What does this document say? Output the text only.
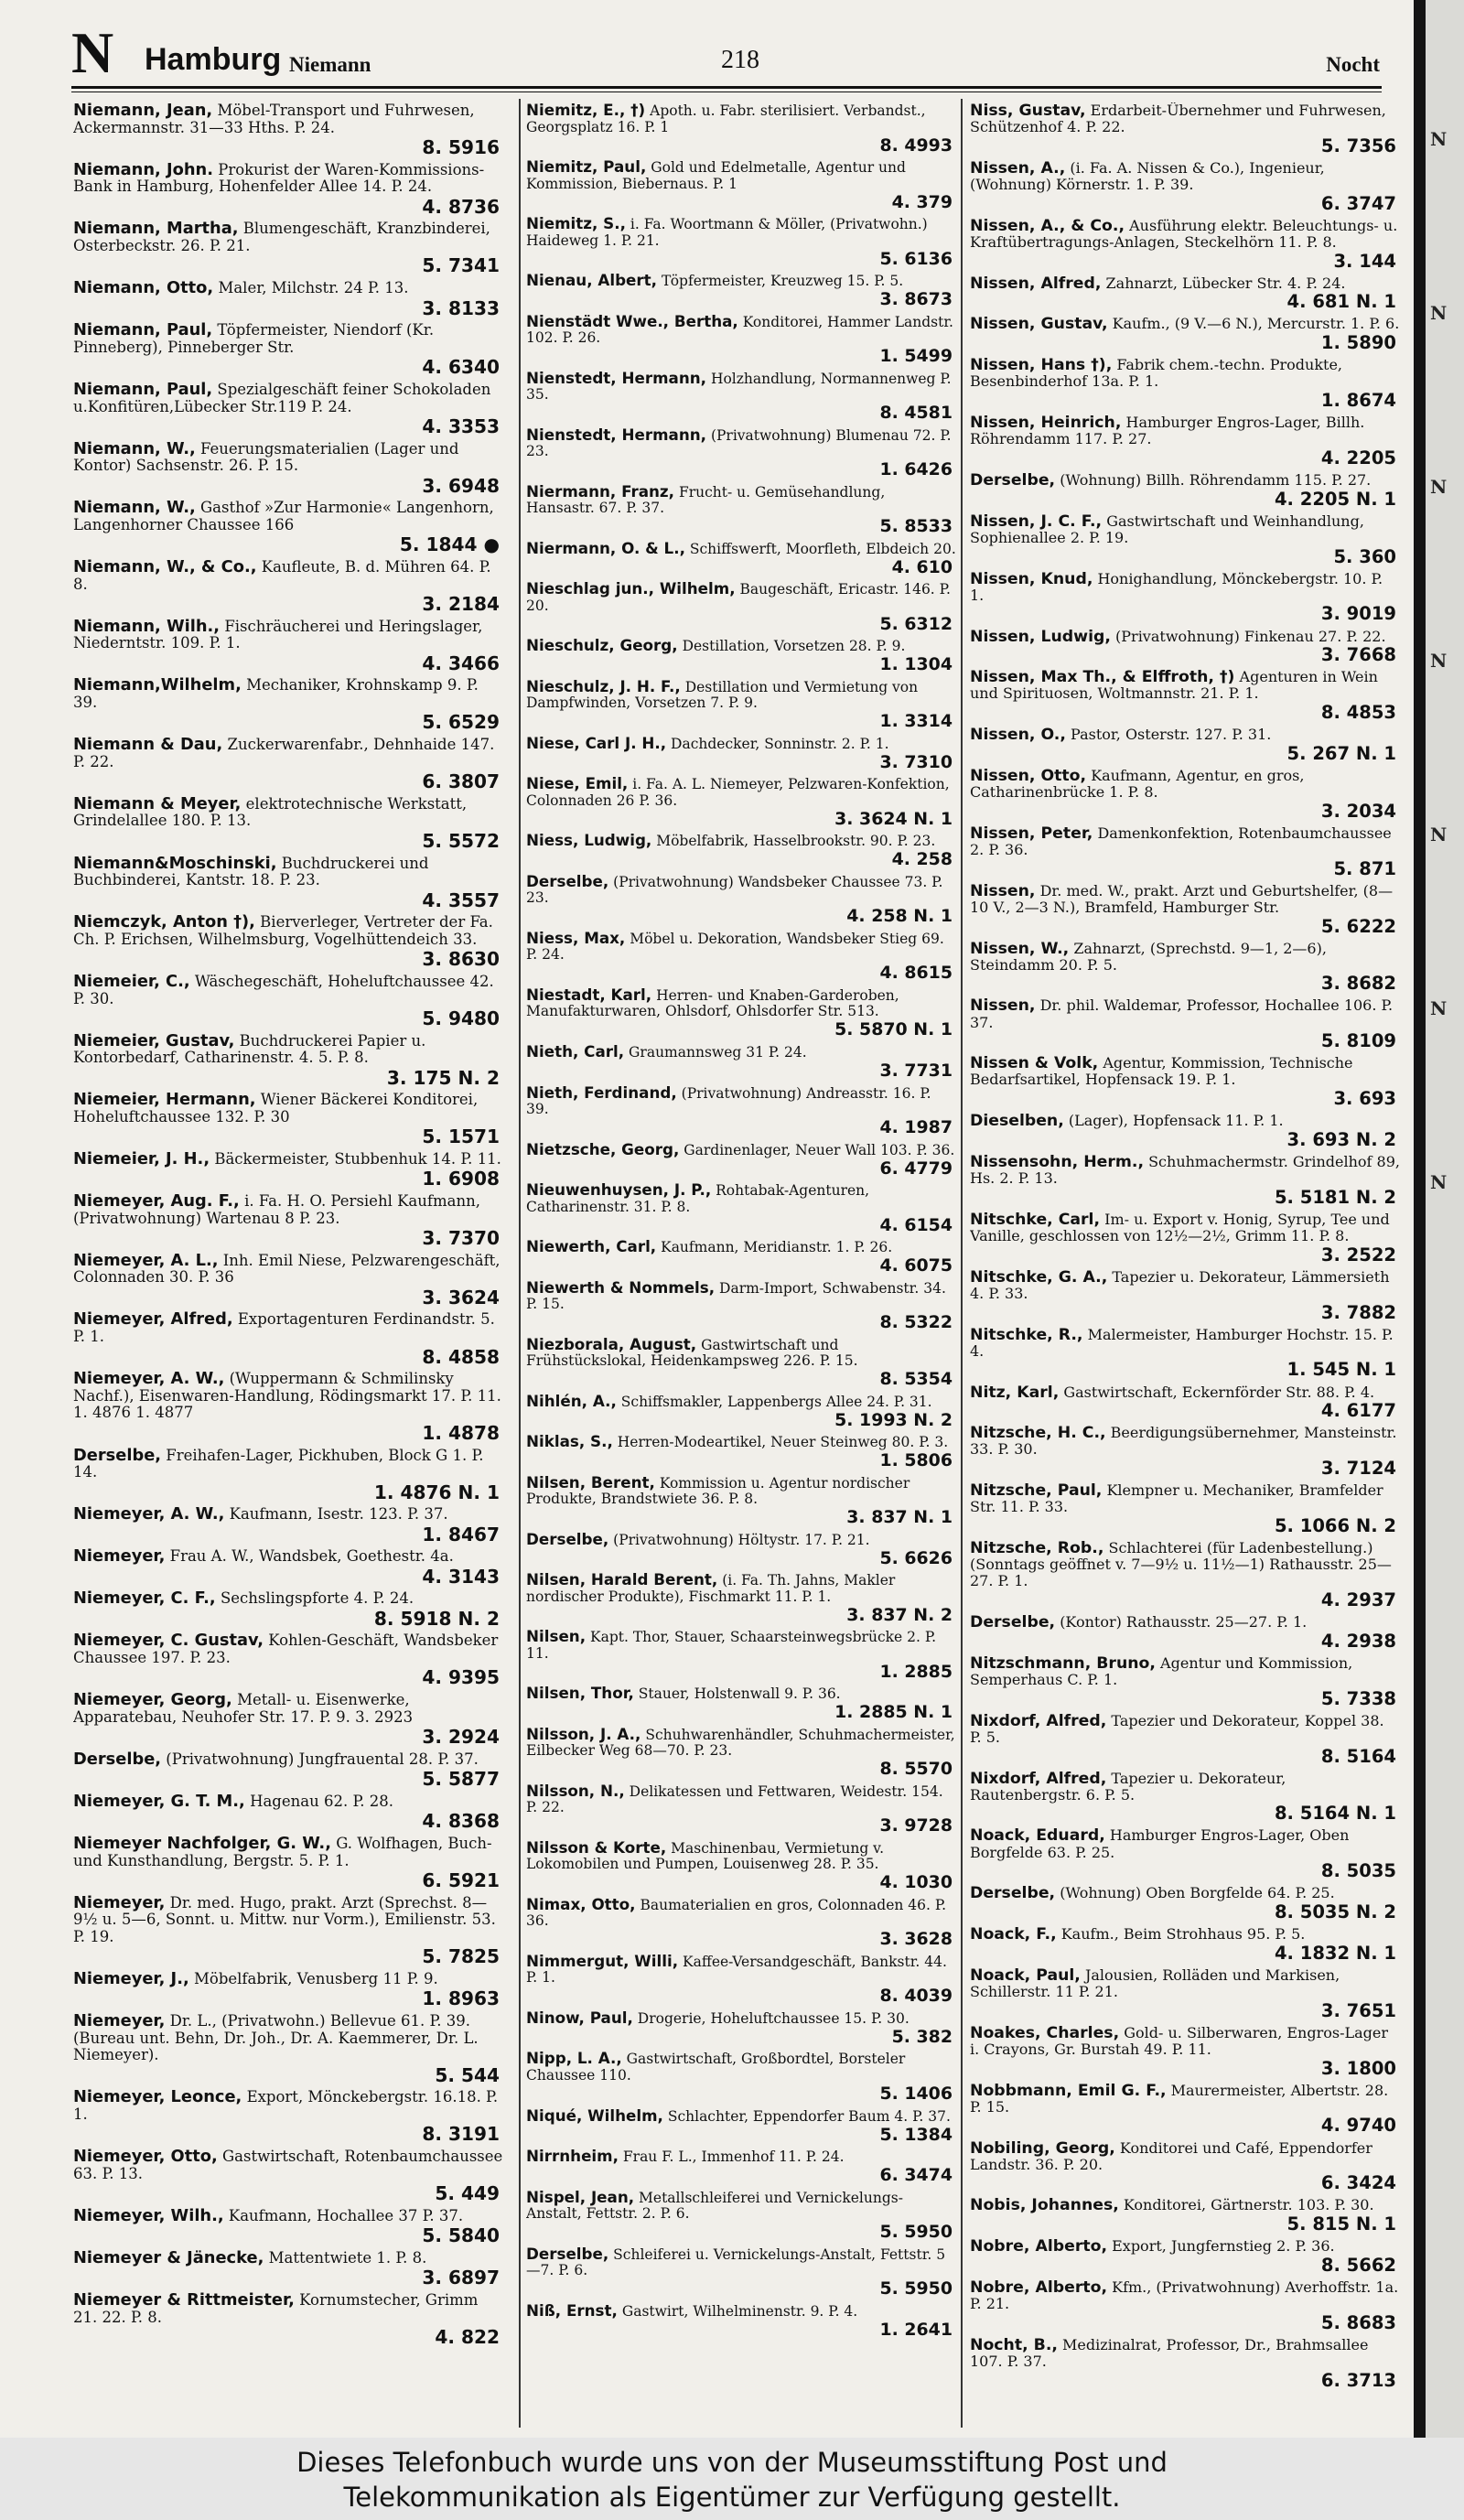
N Hamburg Niemann	218	Nocht
Niemann, Jean, Möbel-Transport und Fuhrwesen, Ackermannstr. 31—33 Hths. P. 24.
8. 5916
Niemann, John. Prokurist der Waren-Kommissions-Bank in Hamburg, Hohenfelder Allee 14. P. 24.
4. 8736
Niemann, Martha, Blumengeschäft, Kranzbinderei, Osterbeckstr. 26. P. 21.
5. 7341
Niemann, Otto, Maler, Milchstr. 24 P. 13.
3. 8133
Niemann, Paul, Töpfermeister, Niendorf (Kr. Pinneberg), Pinneberger Str.
4. 6340
Niemann, Paul, Spezialgeschäft feiner Schokoladen u.Konfitüren,Lübecker Str.119 P. 24.
4. 3353
Niemann, W., Feuerungsmaterialien (Lager und Kontor) Sachsenstr. 26. P. 15.
3. 6948
Niemann, W., Gasthof »Zur Harmonie« Langenhorn, Langenhorner Chaussee 166
5. 1844 ●
Niemann, W., & Co., Kaufleute, B. d. Mühren 64. P. 8.
3. 2184
Niemann, Wilh., Fischräucherei und Heringslager, Niederntstr. 109. P. 1.
4. 3466
Niemann,Wilhelm, Mechaniker, Krohnskamp 9. P. 39.
5. 6529
Niemann & Dau, Zuckerwarenfabr., Dehnhaide 147. P. 22.
6. 3807
Niemann & Meyer, elektrotechnische Werkstatt, Grindelallee 180. P. 13.
5. 5572
Niemann&Moschinski, Buchdruckerei und Buchbinderei, Kantstr. 18. P. 23.
4. 3557
Niemczyk, Anton †), Bierverleger, Vertreter der Fa. Ch. P. Erichsen, Wilhelmsburg, Vogelhüttendeich 33.
3. 8630
Niemeier, C., Wäschegeschäft, Hoheluftchaussee 42. P. 30.
5. 9480
Niemeier, Gustav, Buchdruckerei Papier u. Kontorbedarf, Catharinenstr. 4. 5. P. 8.
3. 175 N. 2
Niemeier, Hermann, Wiener Bäckerei Konditorei, Hoheluftchaussee 132. P. 30
5. 1571
Niemeier, J. H., Bäckermeister, Stubbenhuk 14. P. 11.
1. 6908
Niemeyer, Aug. F., i. Fa. H. O. Persiehl Kaufmann, (Privatwohnung) Wartenau 8 P. 23.
3. 7370
Niemeyer, A. L., Inh. Emil Niese, Pelzwarengeschäft, Colonnaden 30. P. 36
3. 3624
Niemeyer, Alfred, Exportagenturen Ferdinandstr. 5. P. 1.
8. 4858
Niemeyer, A. W., (Wuppermann & Schmilinsky Nachf.), Eisenwaren-Handlung, Rödingsmarkt 17. P. 11. 1. 4876 1. 4877
1. 4878
Derselbe, Freihafen-Lager, Pickhuben, Block G 1. P. 14.
1. 4876 N. 1
Niemeyer, A. W., Kaufmann, Isestr. 123. P. 37.
1. 8467
Niemeyer, Frau A. W., Wandsbek, Goethestr. 4a.
4. 3143
Niemeyer, C. F., Sechslingspforte 4. P. 24.
8. 5918 N. 2
Niemeyer, C. Gustav, Kohlen-Geschäft, Wandsbeker Chaussee 197. P. 23.
4. 9395
Niemeyer, Georg, Metall- u. Eisenwerke, Apparatebau, Neuhofer Str. 17. P. 9. 3. 2923
3. 2924
Derselbe, (Privatwohnung) Jungfrauental 28. P. 37.
5. 5877
Niemeyer, G. T. M., Hagenau 62. P. 28.
4. 8368
Niemeyer Nachfolger, G. W., G. Wolfhagen, Buch- und Kunsthandlung, Bergstr. 5. P. 1.
6. 5921
Niemeyer, Dr. med. Hugo, prakt. Arzt (Sprechst. 8—9½ u. 5—6, Sonnt. u. Mittw. nur Vorm.), Emilienstr. 53. P. 19.
5. 7825
Niemeyer, J., Möbelfabrik, Venusberg 11 P. 9.
1. 8963
Niemeyer, Dr. L., (Privatwohn.) Bellevue 61. P. 39. (Bureau unt. Behn, Dr. Joh., Dr. A. Kaemmerer, Dr. L. Niemeyer).
5. 544
Niemeyer, Leonce, Export, Mönckebergstr. 16.18. P. 1.
8. 3191
Niemeyer, Otto, Gastwirtschaft, Rotenbaumchaussee 63. P. 13.
5. 449
Niemeyer, Wilh., Kaufmann, Hochallee 37 P. 37.
5. 5840
Niemeyer & Jänecke, Mattentwiete 1. P. 8.
3. 6897
Niemeyer & Rittmeister, Kornumstecher, Grimm 21. 22. P. 8.
4. 822
Niemitz, E., †) Apoth. u. Fabr. sterilisiert. Verbandst., Georgsplatz 16. P. 1
8. 4993
Niemitz, Paul, Gold und Edelmetalle, Agentur und Kommission, Biebernaus. P. 1
4. 379
Niemitz, S., i. Fa. Woortmann & Möller, (Privatwohn.) Haideweg 1. P. 21.
5. 6136
Nienau, Albert, Töpfermeister, Kreuzweg 15. P. 5.
3. 8673
Nienstädt Wwe., Bertha, Konditorei, Hammer Landstr. 102. P. 26.
1. 5499
Nienstedt, Hermann, Holzhandlung, Normannenweg P. 35.
8. 4581
Nienstedt, Hermann, (Privatwohnung) Blumenau 72. P. 23.
1. 6426
Niermann, Franz, Frucht- u. Gemüsehandlung, Hansastr. 67. P. 37.
5. 8533
Niermann, O. & L., Schiffswerft, Moorfleth, Elbdeich 20.
4. 610
Nieschlag jun., Wilhelm, Baugeschäft, Ericastr. 146. P. 20.
5. 6312
Nieschulz, Georg, Destillation, Vorsetzen 28. P. 9.
1. 1304
Nieschulz, J. H. F., Destillation und Vermietung von Dampfwinden, Vorsetzen 7. P. 9.
1. 3314
Niese, Carl J. H., Dachdecker, Sonninstr. 2. P. 1.
3. 7310
Niese, Emil, i. Fa. A. L. Niemeyer, Pelzwaren-Konfektion, Colonnaden 26 P. 36.
3. 3624 N. 1
Niess, Ludwig, Möbelfabrik, Hasselbrookstr. 90. P. 23.
4. 258
Derselbe, (Privatwohnung) Wandsbeker Chaussee 73. P. 23.
4. 258 N. 1
Niess, Max, Möbel u. Dekoration, Wandsbeker Stieg 69. P. 24.
4. 8615
Niestadt, Karl, Herren- und Knaben-Garderoben, Manufakturwaren, Ohlsdorf, Ohlsdorfer Str. 513.
5. 5870 N. 1
Nieth, Carl, Graumannsweg 31 P. 24.
3. 7731
Nieth, Ferdinand, (Privatwohnung) Andreasstr. 16. P. 39.
4. 1987
Nietzsche, Georg, Gardinenlager, Neuer Wall 103. P. 36.
6. 4779
Nieuwenhuysen, J. P., Rohtabak-Agenturen, Catharinenstr. 31. P. 8.
4. 6154
Niewerth, Carl, Kaufmann, Meridianstr. 1. P. 26.
4. 6075
Niewerth & Nommels, Darm-Import, Schwabenstr. 34. P. 15.
8. 5322
Niezborala, August, Gastwirtschaft und Frühstückslokal, Heidenkampsweg 226. P. 15.
8. 5354
Nihlén, A., Schiffsmakler, Lappenbergs Allee 24. P. 31.
5. 1993 N. 2
Niklas, S., Herren-Modeartikel, Neuer Steinweg 80. P. 3.
1. 5806
Nilsen, Berent, Kommission u. Agentur nordischer Produkte, Brandstwiete 36. P. 8.
3. 837 N. 1
Derselbe, (Privatwohnung) Höltystr. 17. P. 21.
5. 6626
Nilsen, Harald Berent, (i. Fa. Th. Jahns, Makler nordischer Produkte), Fischmarkt 11. P. 1.
3. 837 N. 2
Nilsen, Kapt. Thor, Stauer, Schaarsteinwegsbrücke 2. P. 11.
1. 2885
Nilsen, Thor, Stauer, Holstenwall 9. P. 36.
1. 2885 N. 1
Nilsson, J. A., Schuhwarenhändler, Schuhmachermeister, Eilbecker Weg 68—70. P. 23.
8. 5570
Nilsson, N., Delikatessen und Fettwaren, Weidestr. 154. P. 22.
3. 9728
Nilsson & Korte, Maschinenbau, Vermietung v. Lokomobilen und Pumpen, Louisenweg 28. P. 35.
4. 1030
Nimax, Otto, Baumaterialien en gros, Colonnaden 46. P. 36.
3. 3628
Nimmergut, Willi, Kaffee-Versandgeschäft, Bankstr. 44. P. 1.
8. 4039
Ninow, Paul, Drogerie, Hoheluftchaussee 15. P. 30.
5. 382
Nipp, L. A., Gastwirtschaft, Großbordtel, Borsteler Chaussee 110.
5. 1406
Niqué, Wilhelm, Schlachter, Eppendorfer Baum 4. P. 37.
5. 1384
Nirrnheim, Frau F. L., Immenhof 11. P. 24.
6. 3474
Nispel, Jean, Metallschleiferei und Vernickelungs-Anstalt, Fettstr. 2. P. 6.
5. 5950
Derselbe, Schleiferei u. Vernickelungs-Anstalt, Fettstr. 5—7. P. 6.
5. 5950
Niß, Ernst, Gastwirt, Wilhelminenstr. 9. P. 4.
1. 2641
Niss, Gustav, Erdarbeit-Übernehmer und Fuhrwesen, Schützenhof 4. P. 22.
5. 7356
Nissen, A., (i. Fa. A. Nissen & Co.), Ingenieur, (Wohnung) Körnerstr. 1. P. 39.
6. 3747
Nissen, A., & Co., Ausführung elektr. Beleuchtungs- u. Kraftübertragungs-Anlagen, Steckelhörn 11. P. 8.
3. 144
Nissen, Alfred, Zahnarzt, Lübecker Str. 4. P. 24.
4. 681 N. 1
Nissen, Gustav, Kaufm., (9 V.—6 N.), Mercurstr. 1. P. 6.
1. 5890
Nissen, Hans †), Fabrik chem.-techn. Produkte, Besenbinderhof 13a. P. 1.
1. 8674
Nissen, Heinrich, Hamburger Engros-Lager, Billh. Röhrendamm 117. P. 27.
4. 2205
Derselbe, (Wohnung) Billh. Röhrendamm 115. P. 27.
4. 2205 N. 1
Nissen, J. C. F., Gastwirtschaft und Weinhandlung, Sophienallee 2. P. 19.
5. 360
Nissen, Knud, Honighandlung, Mönckebergstr. 10. P. 1.
3. 9019
Nissen, Ludwig, (Privatwohnung) Finkenau 27. P. 22.
3. 7668
Nissen, Max Th., & Elffroth, †) Agenturen in Wein und Spirituosen, Woltmannstr. 21. P. 1.
8. 4853
Nissen, O., Pastor, Osterstr. 127. P. 31.
5. 267 N. 1
Nissen, Otto, Kaufmann, Agentur, en gros, Catharinenbrücke 1. P. 8.
3. 2034
Nissen, Peter, Damenkonfektion, Rotenbaumchaussee 2. P. 36.
5. 871
Nissen, Dr. med. W., prakt. Arzt und Geburtshelfer, (8—10 V., 2—3 N.), Bramfeld, Hamburger Str.
5. 6222
Nissen, W., Zahnarzt, (Sprechstd. 9—1, 2—6), Steindamm 20. P. 5.
3. 8682
Nissen, Dr. phil. Waldemar, Professor, Hochallee 106. P. 37.
5. 8109
Nissen & Volk, Agentur, Kommission, Technische Bedarfsartikel, Hopfensack 19. P. 1.
3. 693
Dieselben, (Lager), Hopfensack 11. P. 1.
3. 693 N. 2
Nissensohn, Herm., Schuhmachermstr. Grindelhof 89, Hs. 2. P. 13.
5. 5181 N. 2
Nitschke, Carl, Im- u. Export v. Honig, Syrup, Tee und Vanille, geschlossen von 12½—2½, Grimm 11. P. 8.
3. 2522
Nitschke, G. A., Tapezier u. Dekorateur, Lämmersieth 4. P. 33.
3. 7882
Nitschke, R., Malermeister, Hamburger Hochstr. 15. P. 4.
1. 545 N. 1
Nitz, Karl, Gastwirtschaft, Eckernförder Str. 88. P. 4.
4. 6177
Nitzsche, H. C., Beerdigungsübernehmer, Mansteinstr. 33. P. 30.
3. 7124
Nitzsche, Paul, Klempner u. Mechaniker, Bramfelder Str. 11. P. 33.
5. 1066 N. 2
Nitzsche, Rob., Schlachterei (für Ladenbestellung.) (Sonntags geöffnet v. 7—9½ u. 11½—1) Rathausstr. 25—27. P. 1.
4. 2937
Derselbe, (Kontor) Rathausstr. 25—27. P. 1.
4. 2938
Nitzschmann, Bruno, Agentur und Kommission, Semperhaus C. P. 1.
5. 7338
Nixdorf, Alfred, Tapezier und Dekorateur, Koppel 38. P. 5.
8. 5164
Nixdorf, Alfred, Tapezier u. Dekorateur, Rautenbergstr. 6. P. 5.
8. 5164 N. 1
Noack, Eduard, Hamburger Engros-Lager, Oben Borgfelde 63. P. 25.
8. 5035
Derselbe, (Wohnung) Oben Borgfelde 64. P. 25.
8. 5035 N. 2
Noack, F., Kaufm., Beim Strohhaus 95. P. 5.
4. 1832 N. 1
Noack, Paul, Jalousien, Rolläden und Markisen, Schillerstr. 11 P. 21.
3. 7651
Noakes, Charles, Gold- u. Silberwaren, Engros-Lager i. Crayons, Gr. Burstah 49. P. 11.
3. 1800
Nobbmann, Emil G. F., Maurermeister, Albertstr. 28. P. 15.
4. 9740
Nobiling, Georg, Konditorei und Café, Eppendorfer Landstr. 36. P. 20.
6. 3424
Nobis, Johannes, Konditorei, Gärtnerstr. 103. P. 30.
5. 815 N. 1
Nobre, Alberto, Export, Jungfernstieg 2. P. 36.
8. 5662
Nobre, Alberto, Kfm., (Privatwohnung) Averhoffstr. 1a. P. 21.
5. 8683
Nocht, B., Medizinalrat, Professor, Dr., Brahmsallee 107. P. 37.
6. 3713
N
N
N
N
N
N
N
Dieses Telefonbuch wurde uns von der Museumsstiftung Post und
Telekommunikation als Eigentümer zur Verfügung gestellt.
